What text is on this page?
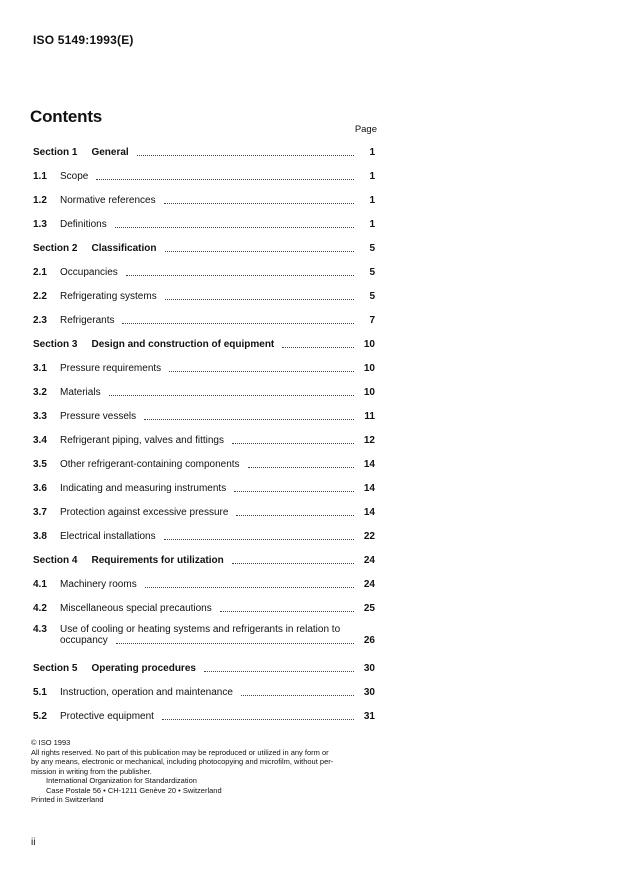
ISO 5149:1993(E)
Contents
Page
Section 1 General	1
1.1	Scope	1
1.2	Normative references	1
1.3	Definitions	1
Section 2 Classification	5
2.1	Occupancies	5
2.2	Refrigerating systems	5
2.3	Refrigerants	7
Section 3 Design and construction of equipment	10
3.1	Pressure requirements	10
3.2	Materials	10
3.3	Pressure vessels	11
3.4	Refrigerant piping, valves and fittings	12
3.5	Other refrigerant-containing components	14
3.6	Indicating and measuring instruments	14
3.7	Protection against excessive pressure	14
3.8	Electrical installations	22
Section 4 Requirements for utilization	24
4.1	Machinery rooms	24
4.2	Miscellaneous special precautions	25
4.3 Use of cooling or heating systems and refrigerants in relation to
occupancy	26
Section 5 Operating procedures	30
5.1	Instruction, operation and maintenance	30
5.2	Protective equipment	31
© ISO 1993
All rights reserved. No part of this publication may be reproduced or utilized in any form or
by any means, electronic or mechanical, including photocopying and microfilm, without per-
mission in writing from the publisher.
International Organization for Standardization
Case Postale 56 • CH-1211 Genève 20 • Switzerland
Printed in Switzerland
ii
